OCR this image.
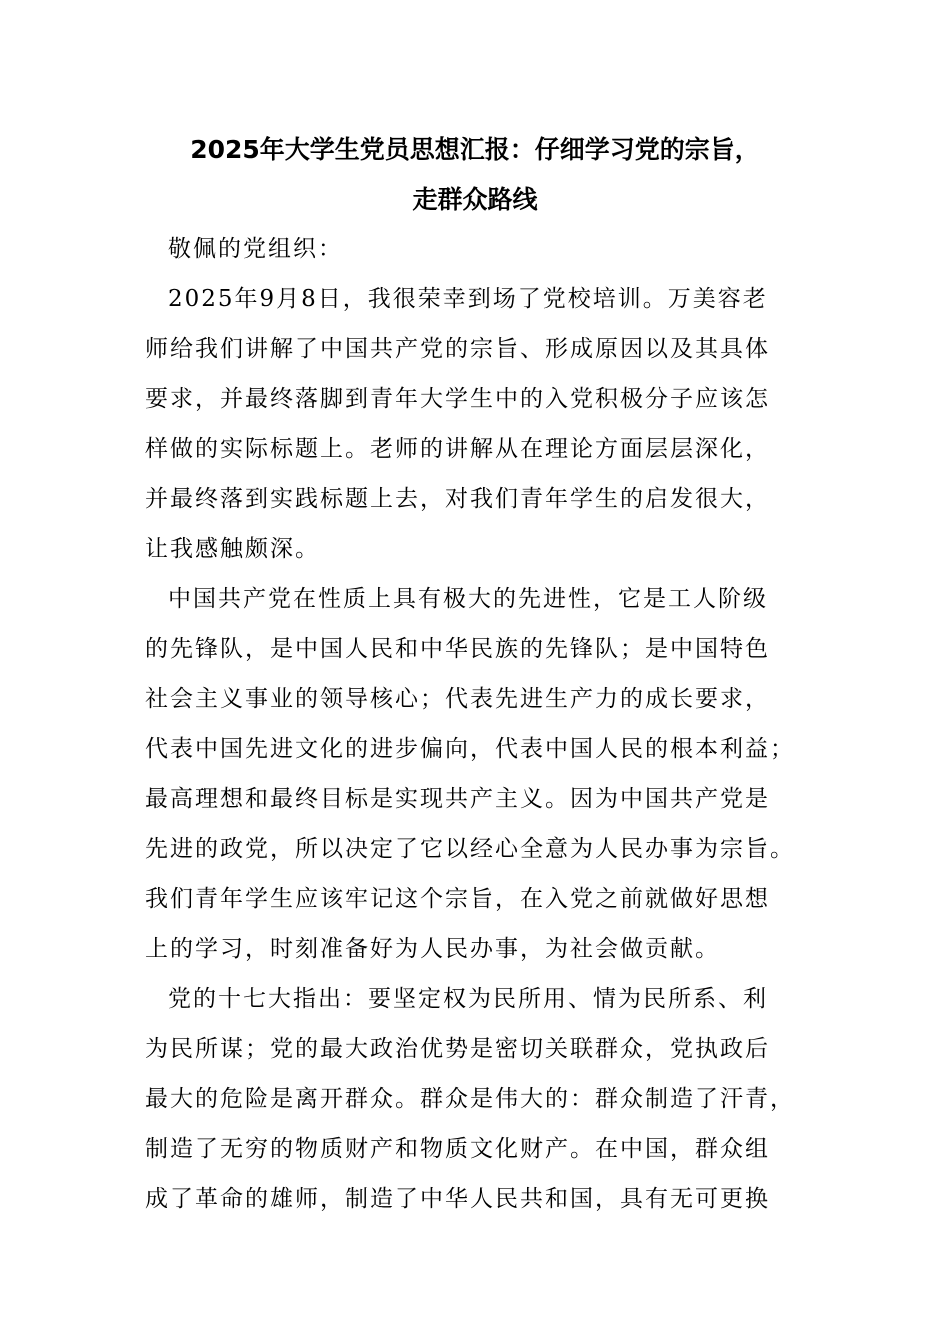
2025年大学生党员思想汇报：仔细学习党的宗旨，
走群众路线
敬佩的党组织：
2025年9月8日，我很荣幸到场了党校培训。万美容老
师给我们讲解了中国共产党的宗旨、形成原因以及其具体
要求，并最终落脚到青年大学生中的入党积极分子应该怎
样做的实际标题上。老师的讲解从在理论方面层层深化，
并最终落到实践标题上去，对我们青年学生的启发很大，
让我感触颇深。
中国共产党在性质上具有极大的先进性，它是工人阶级
的先锋队，是中国人民和中华民族的先锋队；是中国特色
社会主义事业的领导核心；代表先进生产力的成长要求，
代表中国先进文化的进步偏向，代表中国人民的根本利益；
最高理想和最终目标是实现共产主义。因为中国共产党是
先进的政党，所以决定了它以经心全意为人民办事为宗旨。
我们青年学生应该牢记这个宗旨，在入党之前就做好思想
上的学习，时刻准备好为人民办事，为社会做贡献。
党的十七大指出：要坚定权为民所用、情为民所系、利
为民所谋；党的最大政治优势是密切关联群众，党执政后
最大的危险是离开群众。群众是伟大的：群众制造了汗青，
制造了无穷的物质财产和物质文化财产。在中国，群众组
成了革命的雄师，制造了中华人民共和国，具有无可更换
